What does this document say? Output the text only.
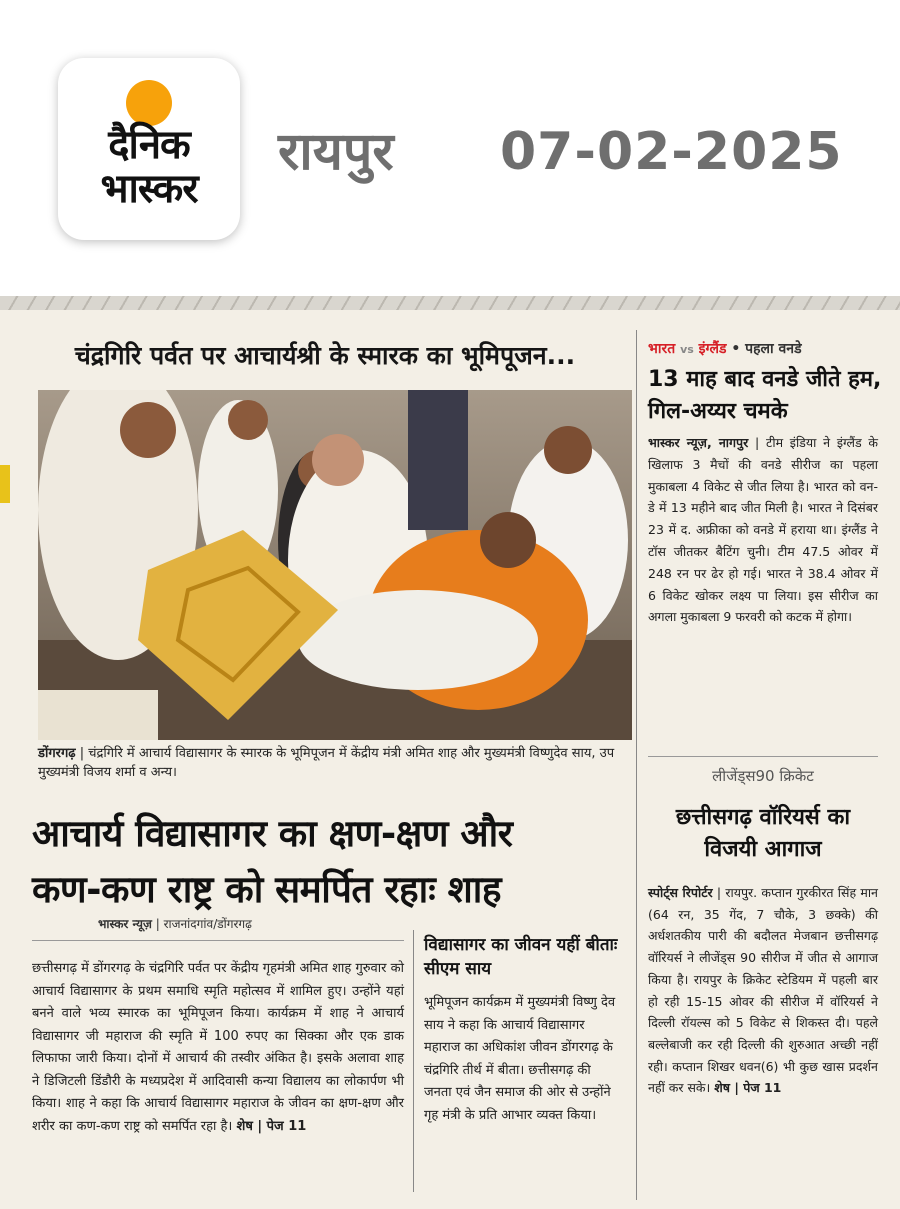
दैनिक
भास्कर
रायपुर 07-02-2025
चंद्रगिरि पर्वत पर आचार्यश्री के स्मारक का भूमिपूजन...
डोंगरगढ़ | चंद्रगिरि में आचार्य विद्यासागर के स्मारक के भूमिपूजन में केंद्रीय मंत्री अमित शाह और मुख्यमंत्री विष्णुदेव साय, उप मुख्यमंत्री विजय शर्मा व अन्य।
आचार्य विद्यासागर का क्षण-क्षण और
कण-कण राष्ट्र को समर्पित रहाः शाह
भास्कर न्यूज़ | राजनांदगांव/डोंगरगढ़
छत्तीसगढ़ में डोंगरगढ़ के चंद्रगिरि पर्वत पर केंद्रीय गृहमंत्री अमित शाह गुरुवार को आचार्य विद्यासागर के प्रथम समाधि स्मृति महोत्सव में शामिल हुए। उन्होंने यहां बनने वाले भव्य स्मारक का भूमिपूजन किया। कार्यक्रम में शाह ने आचार्य विद्यासागर जी महाराज की स्मृति में 100 रुपए का सिक्का और एक डाक लिफाफा जारी किया। दोनों में आचार्य की तस्वीर अंकित है। इसके अलावा शाह ने डिजिटली डिंडौरी के मध्यप्रदेश में आदिवासी कन्या विद्यालय का लोकार्पण भी किया। शाह ने कहा कि आचार्य विद्यासागर महाराज के जीवन का क्षण-क्षण और शरीर का कण-कण राष्ट्र को समर्पित रहा है। शेष | पेज 11
विद्यासागर का जीवन यहीं बीताः सीएम साय
भूमिपूजन कार्यक्रम में मुख्यमंत्री विष्णु देव साय ने कहा कि आचार्य विद्यासागर महाराज का अधिकांश जीवन डोंगरगढ़ के चंद्रगिरि तीर्थ में बीता। छत्तीसगढ़ की जनता एवं जैन समाज की ओर से उन्होंने गृह मंत्री के प्रति आभार व्यक्त किया।
भारत vs इंग्लैंड • पहला वनडे
13 माह बाद वनडे जीते हम, गिल-अय्यर चमके
भास्कर न्यूज़, नागपुर | टीम इंडिया ने इंग्लैंड के खिलाफ 3 मैचों की वनडे सीरीज का पहला मुकाबला 4 विकेट से जीत लिया है। भारत को वन-डे में 13 महीने बाद जीत मिली है। भारत ने दिसंबर 23 में द. अफ्रीका को वनडे में हराया था। इंग्लैंड ने टॉस जीतकर बैटिंग चुनी। टीम 47.5 ओवर में 248 रन पर ढेर हो गई। भारत ने 38.4 ओवर में 6 विकेट खोकर लक्ष्य पा लिया। इस सीरीज का अगला मुकाबला 9 फरवरी को कटक में होगा।
लीजेंड्स90 क्रिकेट
छत्तीसगढ़ वॉरियर्स का विजयी आगाज
स्पोर्ट्स रिपोर्टर | रायपुर. कप्तान गुरकीरत सिंह मान (64 रन, 35 गेंद, 7 चौके, 3 छक्के) की अर्धशतकीय पारी की बदौलत मेजबान छत्तीसगढ़ वॉरियर्स ने लीजेंड्स 90 सीरीज में जीत से आगाज किया है। रायपुर के क्रिकेट स्टेडियम में पहली बार हो रही 15-15 ओवर की सीरीज में वॉरियर्स ने दिल्ली रॉयल्स को 5 विकेट से शिकस्त दी। पहले बल्लेबाजी कर रही दिल्ली की शुरुआत अच्छी नहीं रही। कप्तान शिखर धवन(6) भी कुछ खास प्रदर्शन नहीं कर सके। शेष | पेज 11
